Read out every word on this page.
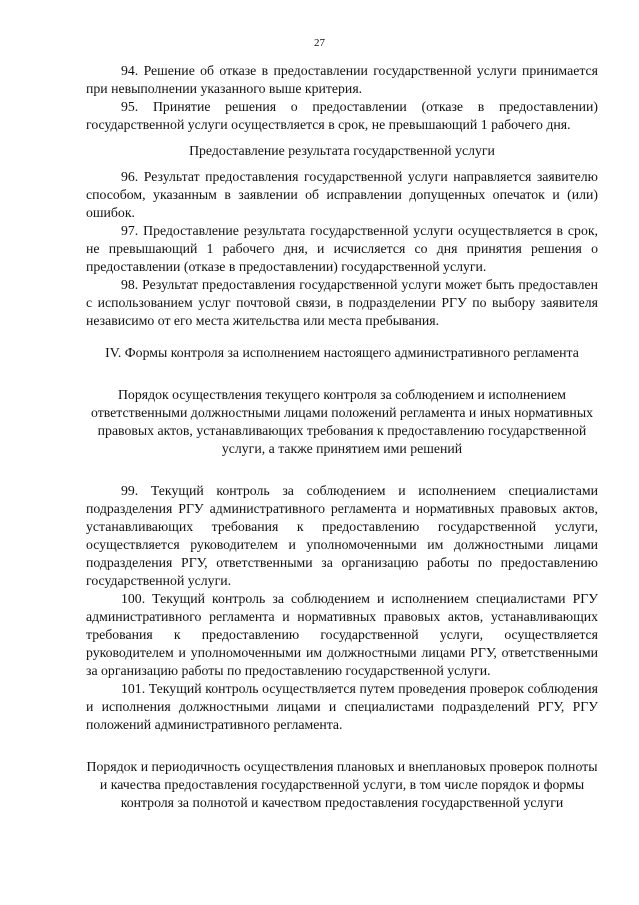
27

94. Решение об отказе в предоставлении государственной услуги принимается при невыполнении указанного выше критерия.

95. Принятие решения о предоставлении (отказе в предоставлении) государственной услуги осуществляется в срок, не превышающий 1 рабочего дня.

Предоставление результата государственной услуги

96. Результат предоставления государственной услуги направляется заявителю способом, указанным в заявлении об исправлении допущенных опечаток и (или) ошибок.

97. Предоставление результата государственной услуги осуществляется в срок, не превышающий 1 рабочего дня, и исчисляется со дня принятия решения о предоставлении (отказе в предоставлении) государственной услуги.

98. Результат предоставления государственной услуги может быть предоставлен с использованием услуг почтовой связи, в подразделении РГУ по выбору заявителя независимо от его места жительства или места пребывания.

IV. Формы контроля за исполнением настоящего административного регламента

Порядок осуществления текущего контроля за соблюдением и исполнением ответственными должностными лицами положений регламента и иных нормативных правовых актов, устанавливающих требования к предоставлению государственной услуги, а также принятием ими решений

99. Текущий контроль за соблюдением и исполнением специалистами подразделения РГУ административного регламента и нормативных правовых актов, устанавливающих требования к предоставлению государственной услуги, осуществляется руководителем и уполномоченными им должностными лицами подразделения РГУ, ответственными за организацию работы по предоставлению государственной услуги.

100. Текущий контроль за соблюдением и исполнением специалистами РГУ административного регламента и нормативных правовых актов, устанавливающих требования к предоставлению государственной услуги, осуществляется руководителем и уполномоченными им должностными лицами РГУ, ответственными за организацию работы по предоставлению государственной услуги.

101. Текущий контроль осуществляется путем проведения проверок соблюдения и исполнения должностными лицами и специалистами подразделений РГУ, РГУ положений административного регламента.

Порядок и периодичность осуществления плановых и внеплановых проверок полноты и качества предоставления государственной услуги, в том числе порядок и формы контроля за полнотой и качеством предоставления государственной услуги
